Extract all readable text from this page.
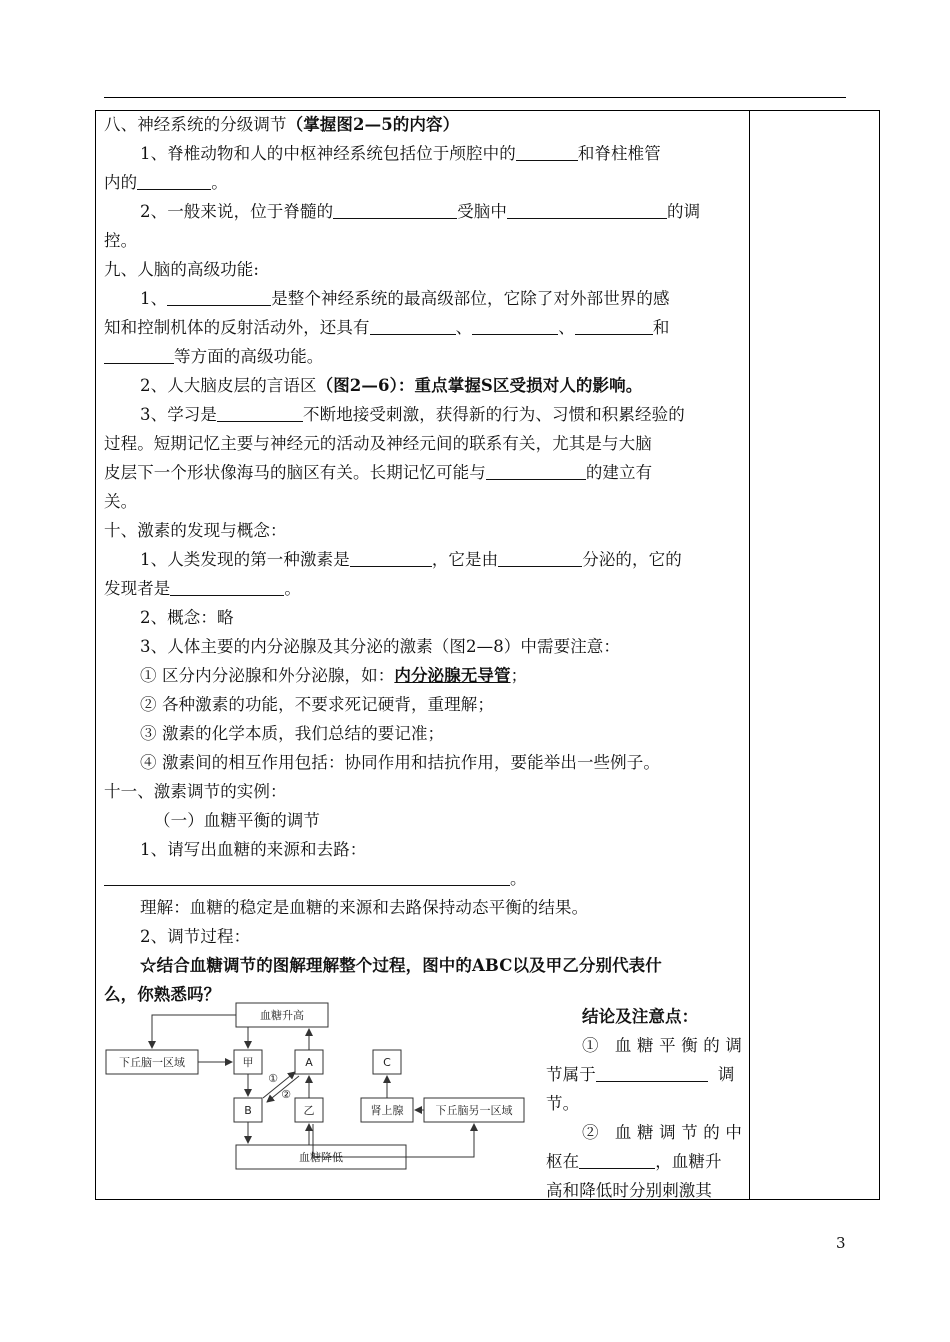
八、神经系统的分级调节（掌握图2—5的内容）
1、脊椎动物和人的中枢神经系统包括位于颅腔中的	和脊柱椎管
内的	。
2、一般来说，位于脊髓的	受脑中	的调
控。
九、人脑的高级功能:
1、	是整个神经系统的最高级部位，它除了对外部世界的感
知和控制机体的反射活动外，还具有	、	、	和
等方面的高级功能。
2、人大脑皮层的言语区（图2—6）：重点掌握S区受损对人的影响。
3、学习是	不断地接受刺激，获得新的行为、习惯和积累经验的
过程。短期记忆主要与神经元的活动及神经元间的联系有关，尤其是与大脑
皮层下一个形状像海马的脑区有关。长期记忆可能与	的建立有
关。
十、激素的发现与概念：
1、人类发现的第一种激素是	，它是由	分泌的，它的
发现者是	。
2、概念：略
3、人体主要的内分泌腺及其分泌的激素（图2—8）中需要注意：
① 区分内分泌腺和外分泌腺，如：内分泌腺无导管；
② 各种激素的功能，不要求死记硬背，重理解；
③ 激素的化学本质，我们总结的要记准；
④ 激素间的相互作用包括：协同作用和拮抗作用，要能举出一些例子。
十一、激素调节的实例：
（一）血糖平衡的调节
1、请写出血糖的来源和去路：
。
理解：血糖的稳定是血糖的来源和去路保持动态平衡的结果。
2、调节过程：
☆结合血糖调节的图解理解整个过程，图中的ABC以及甲乙分别代表什
么，你熟悉吗？
血糖升高
下丘脑一区域	甲	A	C
B	乙	肾上腺	下丘脑另一区域
血糖降低
①
②
结论及注意点：
① 血糖平衡的调
节属于	调
节。
② 血糖调节的中
枢在	，血糖升
高和降低时分别刺激其
3
